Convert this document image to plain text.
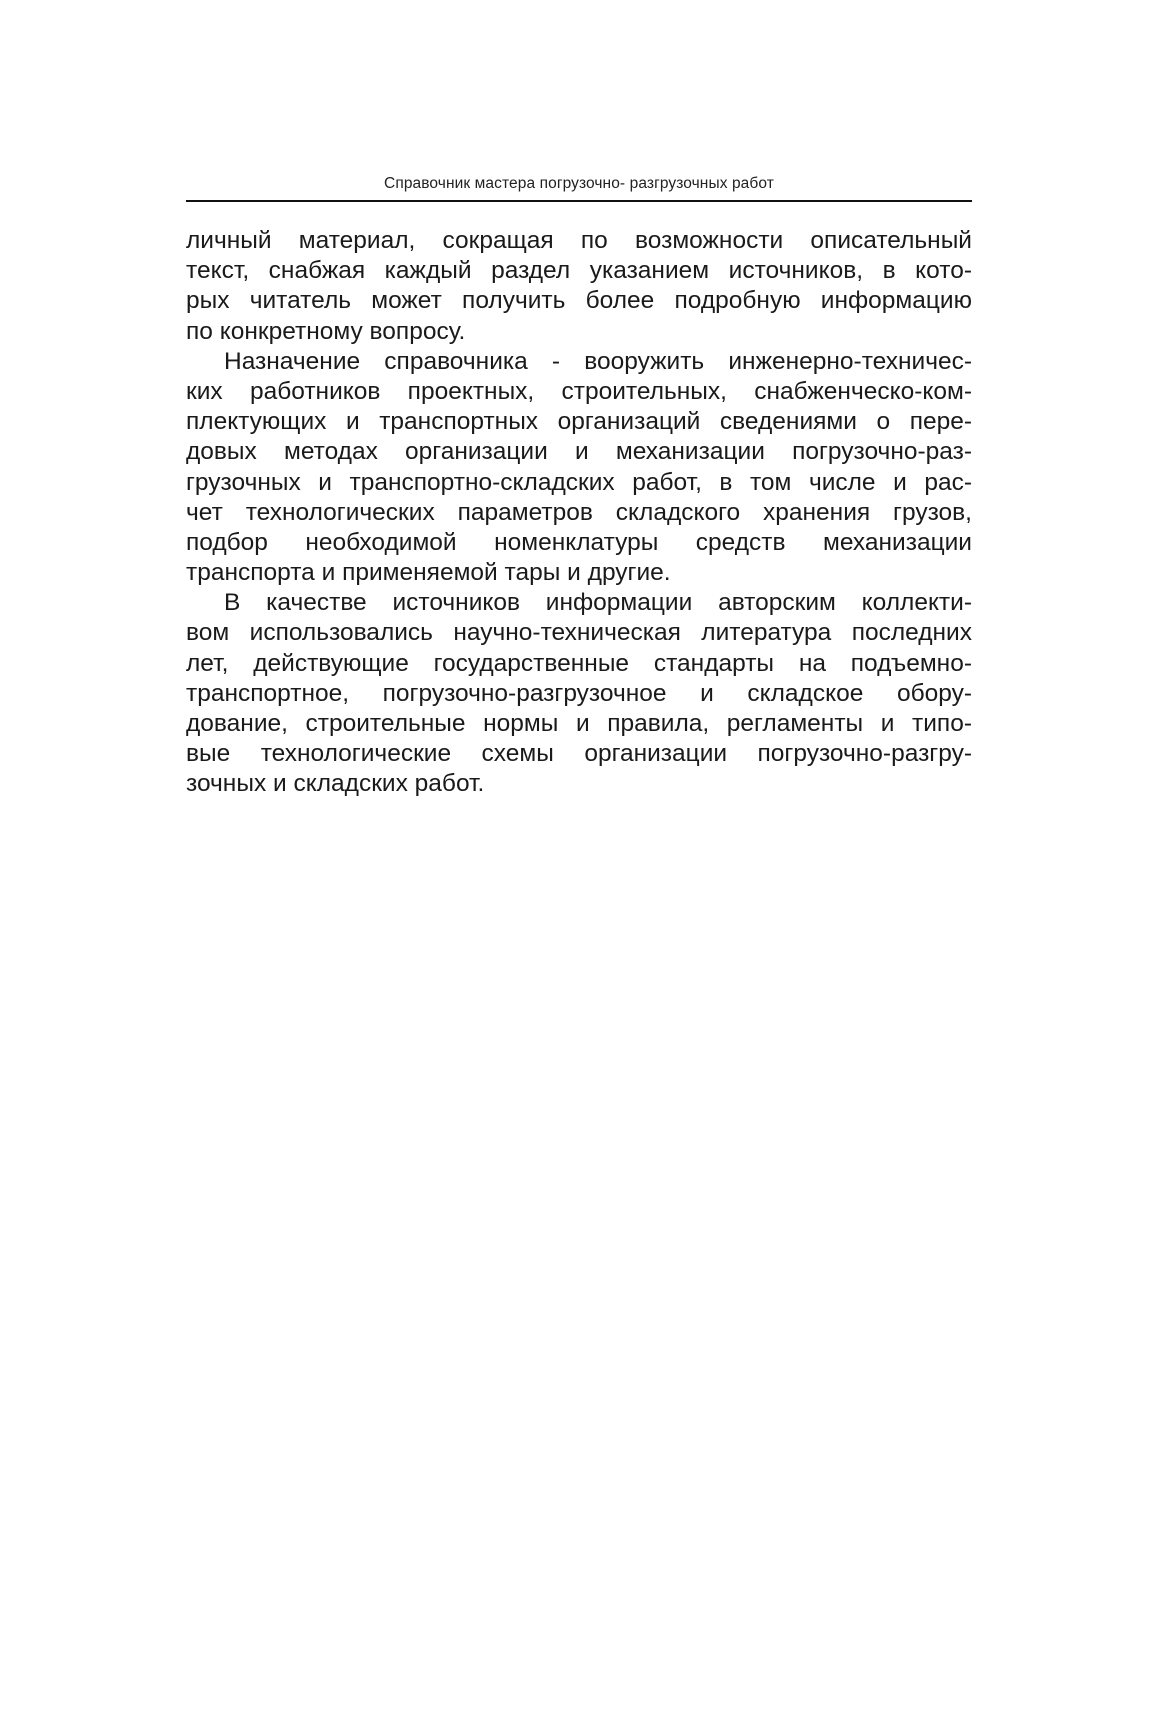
Справочник мастера погрузочно- разгрузочных работ
личный материал, сокращая по возможности описательный
текст, снабжая каждый раздел указанием источников, в кото-
рых читатель может получить более подробную информацию
по конкретному вопросу.
Назначение справочника - вооружить инженерно-техничес-
ких работников проектных, строительных, снабженческо-ком-
плектующих и транспортных организаций сведениями о пере-
довых методах организации и механизации погрузочно-раз-
грузочных и транспортно-складских работ, в том числе и рас-
чет технологических параметров складского хранения грузов,
подбор необходимой номенклатуры средств механизации
транспорта и применяемой тары и другие.
В качестве источников информации авторским коллекти-
вом использовались научно-техническая литература последних
лет, действующие государственные стандарты на подъемно-
транспортное, погрузочно-разгрузочное и складское обору-
дование, строительные нормы и правила, регламенты и типо-
вые технологические схемы организации погрузочно-разгру-
зочных и складских работ.
